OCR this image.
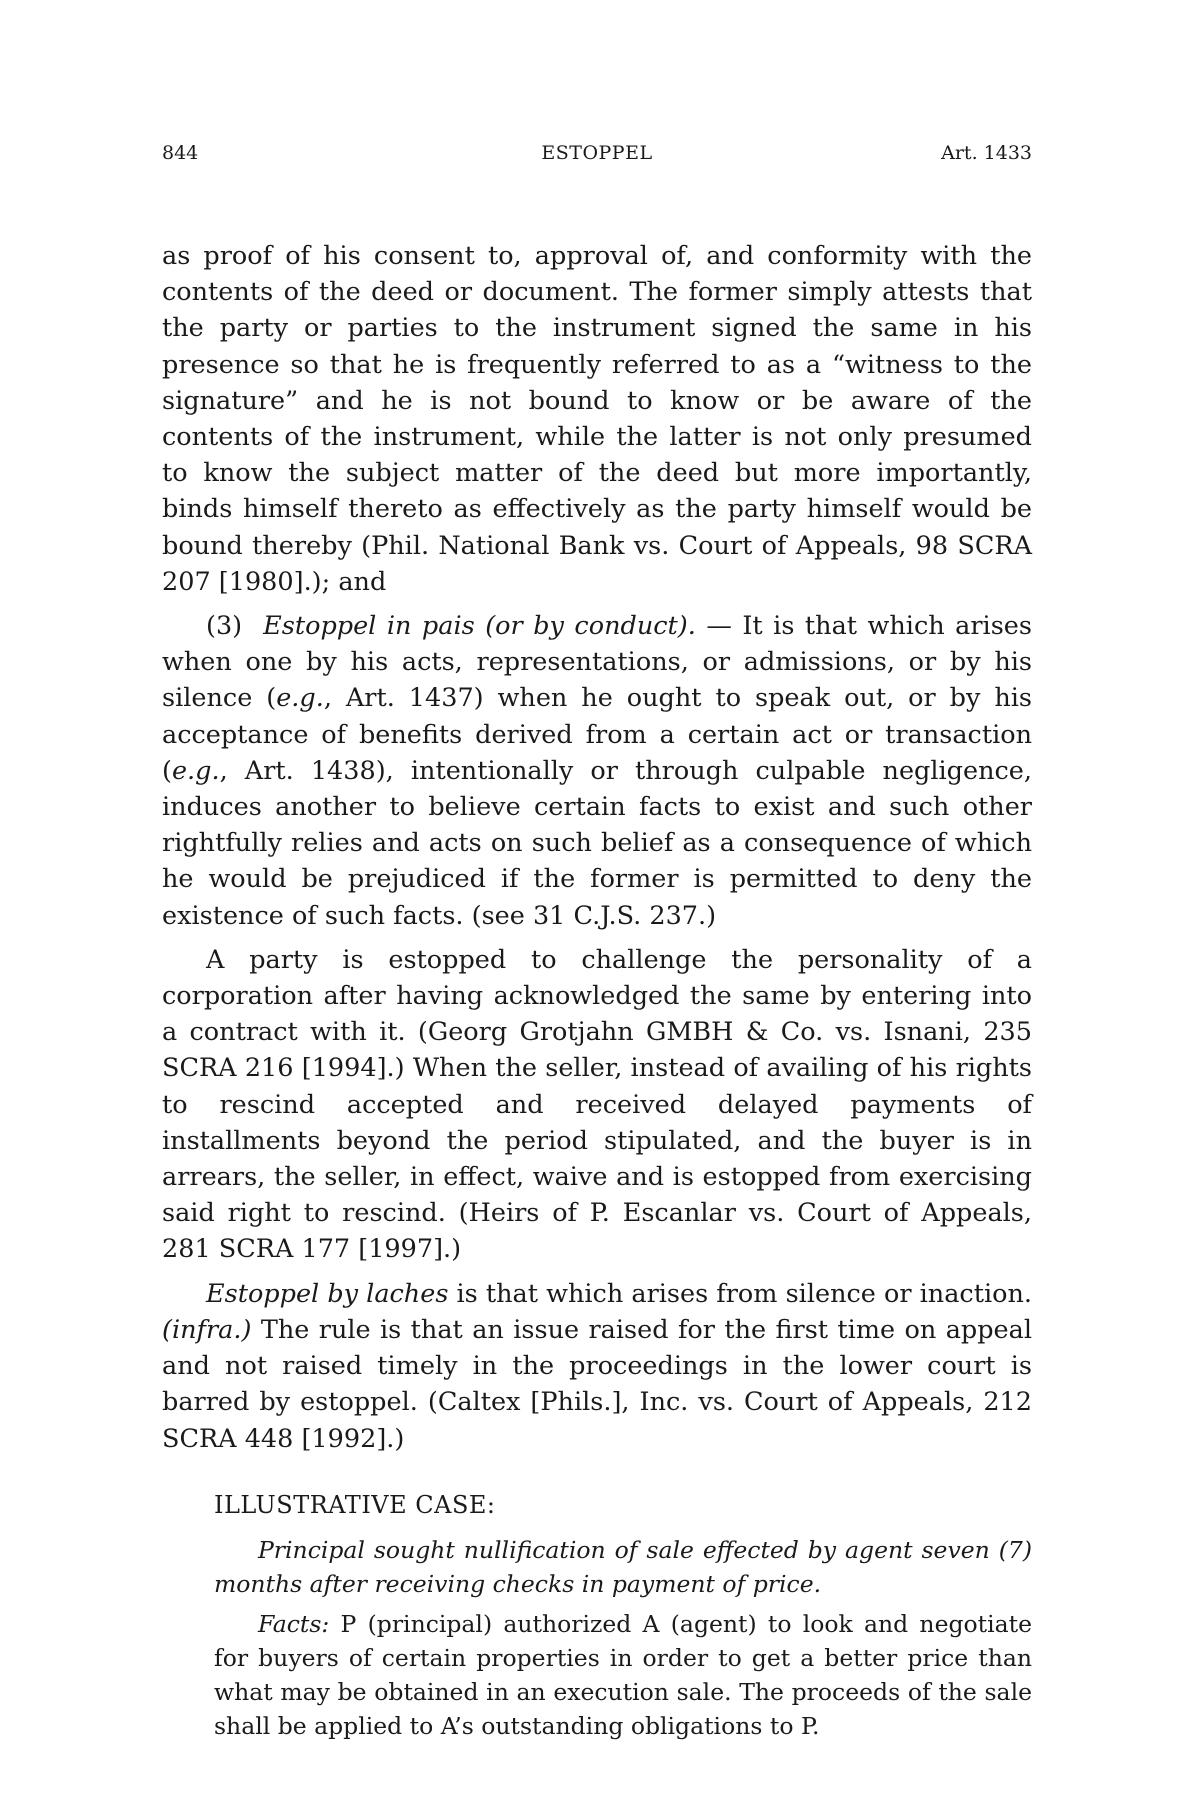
844	ESTOPPEL	Art. 1433

as proof of his consent to, approval of, and conformity with the contents of the deed or document. The former simply attests that the party or parties to the instrument signed the same in his presence so that he is frequently referred to as a “witness to the signature” and he is not bound to know or be aware of the contents of the instrument, while the latter is not only presumed to know the subject matter of the deed but more importantly, binds himself thereto as effectively as the party himself would be bound thereby (Phil. National Bank vs. Court of Appeals, 98 SCRA 207 [1980].); and

(3) Estoppel in pais (or by conduct). — It is that which arises when one by his acts, representations, or admissions, or by his silence (e.g., Art. 1437) when he ought to speak out, or by his acceptance of benefits derived from a certain act or transaction (e.g., Art. 1438), intentionally or through culpable negligence, induces another to believe certain facts to exist and such other rightfully relies and acts on such belief as a consequence of which he would be prejudiced if the former is permitted to deny the existence of such facts. (see 31 C.J.S. 237.)

A party is estopped to challenge the personality of a corporation after having acknowledged the same by entering into a contract with it. (Georg Grotjahn GMBH & Co. vs. Isnani, 235 SCRA 216 [1994].) When the seller, instead of availing of his rights to rescind accepted and received delayed payments of installments beyond the period stipulated, and the buyer is in arrears, the seller, in effect, waive and is estopped from exercising said right to rescind. (Heirs of P. Escanlar vs. Court of Appeals, 281 SCRA 177 [1997].)

Estoppel by laches is that which arises from silence or inaction. (infra.) The rule is that an issue raised for the first time on appeal and not raised timely in the proceedings in the lower court is barred by estoppel. (Caltex [Phils.], Inc. vs. Court of Appeals, 212 SCRA 448 [1992].)

ILLUSTRATIVE CASE:

Principal sought nullification of sale effected by agent seven (7) months after receiving checks in payment of price.

Facts: P (principal) authorized A (agent) to look and negotiate for buyers of certain properties in order to get a better price than what may be obtained in an execution sale. The proceeds of the sale shall be applied to A’s outstanding obligations to P.
